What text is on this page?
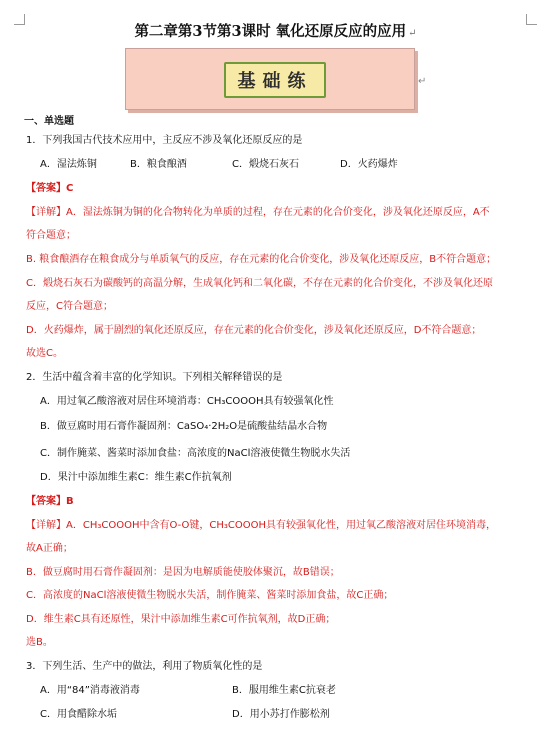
第二章第3节第3课时 氧化还原反应的应用 ↵
基础练	↵
一、单选题
1．下列我国古代技术应用中，主反应不涉及氧化还原反应的是
A．湿法炼铜	B．粮食酿酒	C．煅烧石灰石	D．火药爆炸
【答案】C
【详解】A．湿法炼铜为铜的化合物转化为单质的过程，存在元素的化合价变化，涉及氧化还原反应，A不
符合题意；
B. 粮食酿酒存在粮食成分与单质氧气的反应，存在元素的化合价变化，涉及氧化还原反应，B不符合题意；
C．煅烧石灰石为碳酸钙的高温分解，生成氧化钙和二氧化碳，不存在元素的化合价变化，不涉及氧化还原
反应，C符合题意；
D．火药爆炸，属于剧烈的氧化还原反应，存在元素的化合价变化，涉及氧化还原反应，D不符合题意；
故选C。
2．生活中蕴含着丰富的化学知识。下列相关解释错误的是
A．用过氧乙酸溶液对居住环境消毒：CH₃COOOH具有较强氧化性
B．做豆腐时用石膏作凝固剂：CaSO₄·2H₂O是硫酸盐结晶水合物
C．制作腌菜、酱菜时添加食盐：高浓度的NaCl溶液使微生物脱水失活
D．果汁中添加维生素C：维生素C作抗氧剂
【答案】B
【详解】A．CH₃COOOH中含有O-O键，CH₃COOOH具有较强氧化性，用过氧乙酸溶液对居住环境消毒，
故A正确；
B．做豆腐时用石膏作凝固剂：是因为电解质能使胶体聚沉，故B错误；
C．高浓度的NaCl溶液使微生物脱水失活，制作腌菜、酱菜时添加食盐，故C正确；
D．维生素C具有还原性，果汁中添加维生素C可作抗氧剂，故D正确；
选B。
3．下列生活、生产中的做法，利用了物质氧化性的是
A．用“84”消毒液消毒	B．服用维生素C抗衰老
C．用食醋除水垢	D．用小苏打作膨松剂
